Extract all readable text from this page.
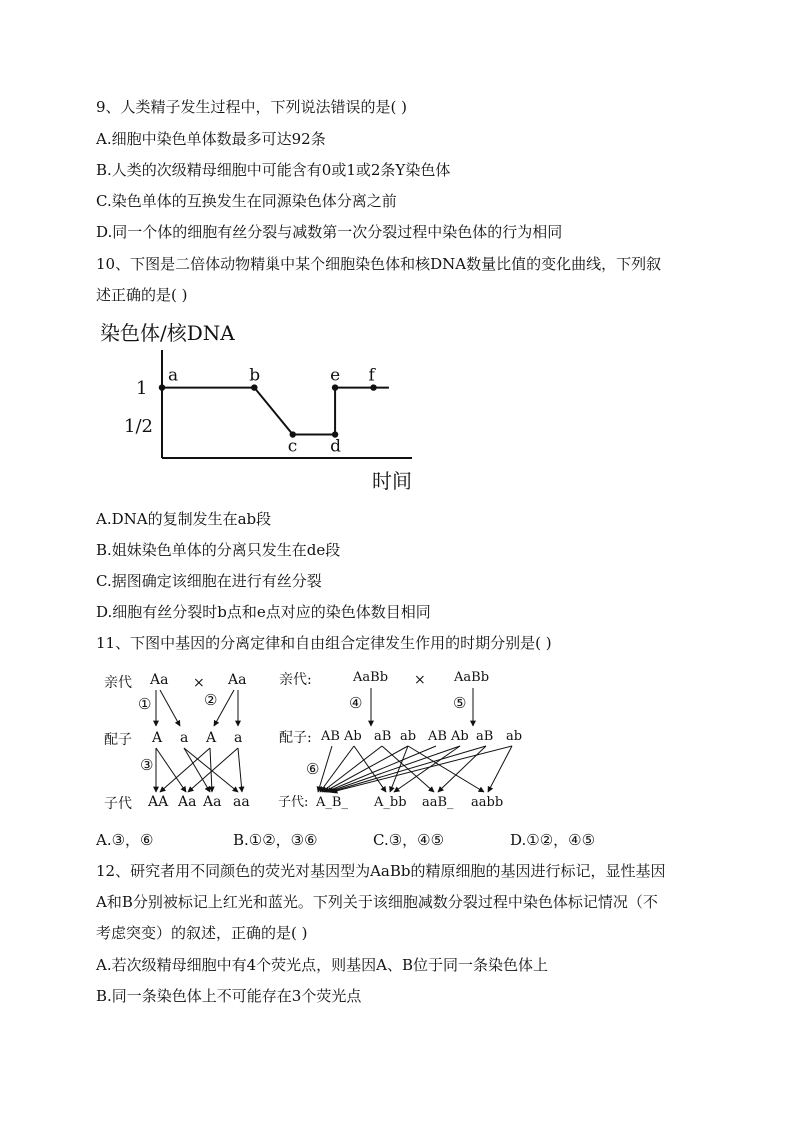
9、人类精子发生过程中，下列说法错误的是( )
A.细胞中染色单体数最多可达92条
B.人类的次级精母细胞中可能含有0或1或2条Y染色体
C.染色单体的互换发生在同源染色体分离之前
D.同一个体的细胞有丝分裂与减数第一次分裂过程中染色体的行为相同
10、下图是二倍体动物精巢中某个细胞染色体和核DNA数量比值的变化曲线，下列叙
述正确的是( )
染色体/核DNA
1
1/2
时间
a	b
c d
e f
A.DNA的复制发生在ab段
B.姐妹染色单体的分离只发生在de段
C.据图确定该细胞在进行有丝分裂
D.细胞有丝分裂时b点和e点对应的染色体数目相同
11、下图中基因的分离定律和自由组合定律发生作用的时期分别是( )
亲代 Aa × Aa
①	②
配子 A a A a
③
子代 AA Aa Aa aa
亲代:	AaBb × AaBb
④	⑤
配子: AB Ab aB ab AB Ab aB ab
⑥
子代: A_B_ A_bb aaB_ aabb
A.③，⑥	B.①②，③⑥	C.③，④⑤	D.①②，④⑤
12、研究者用不同颜色的荧光对基因型为AaBb的精原细胞的基因进行标记，显性基因
A和B分别被标记上红光和蓝光。下列关于该细胞减数分裂过程中染色体标记情况（不
考虑突变）的叙述，正确的是( )
A.若次级精母细胞中有4个荧光点，则基因A、B位于同一条染色体上
B.同一条染色体上不可能存在3个荧光点
